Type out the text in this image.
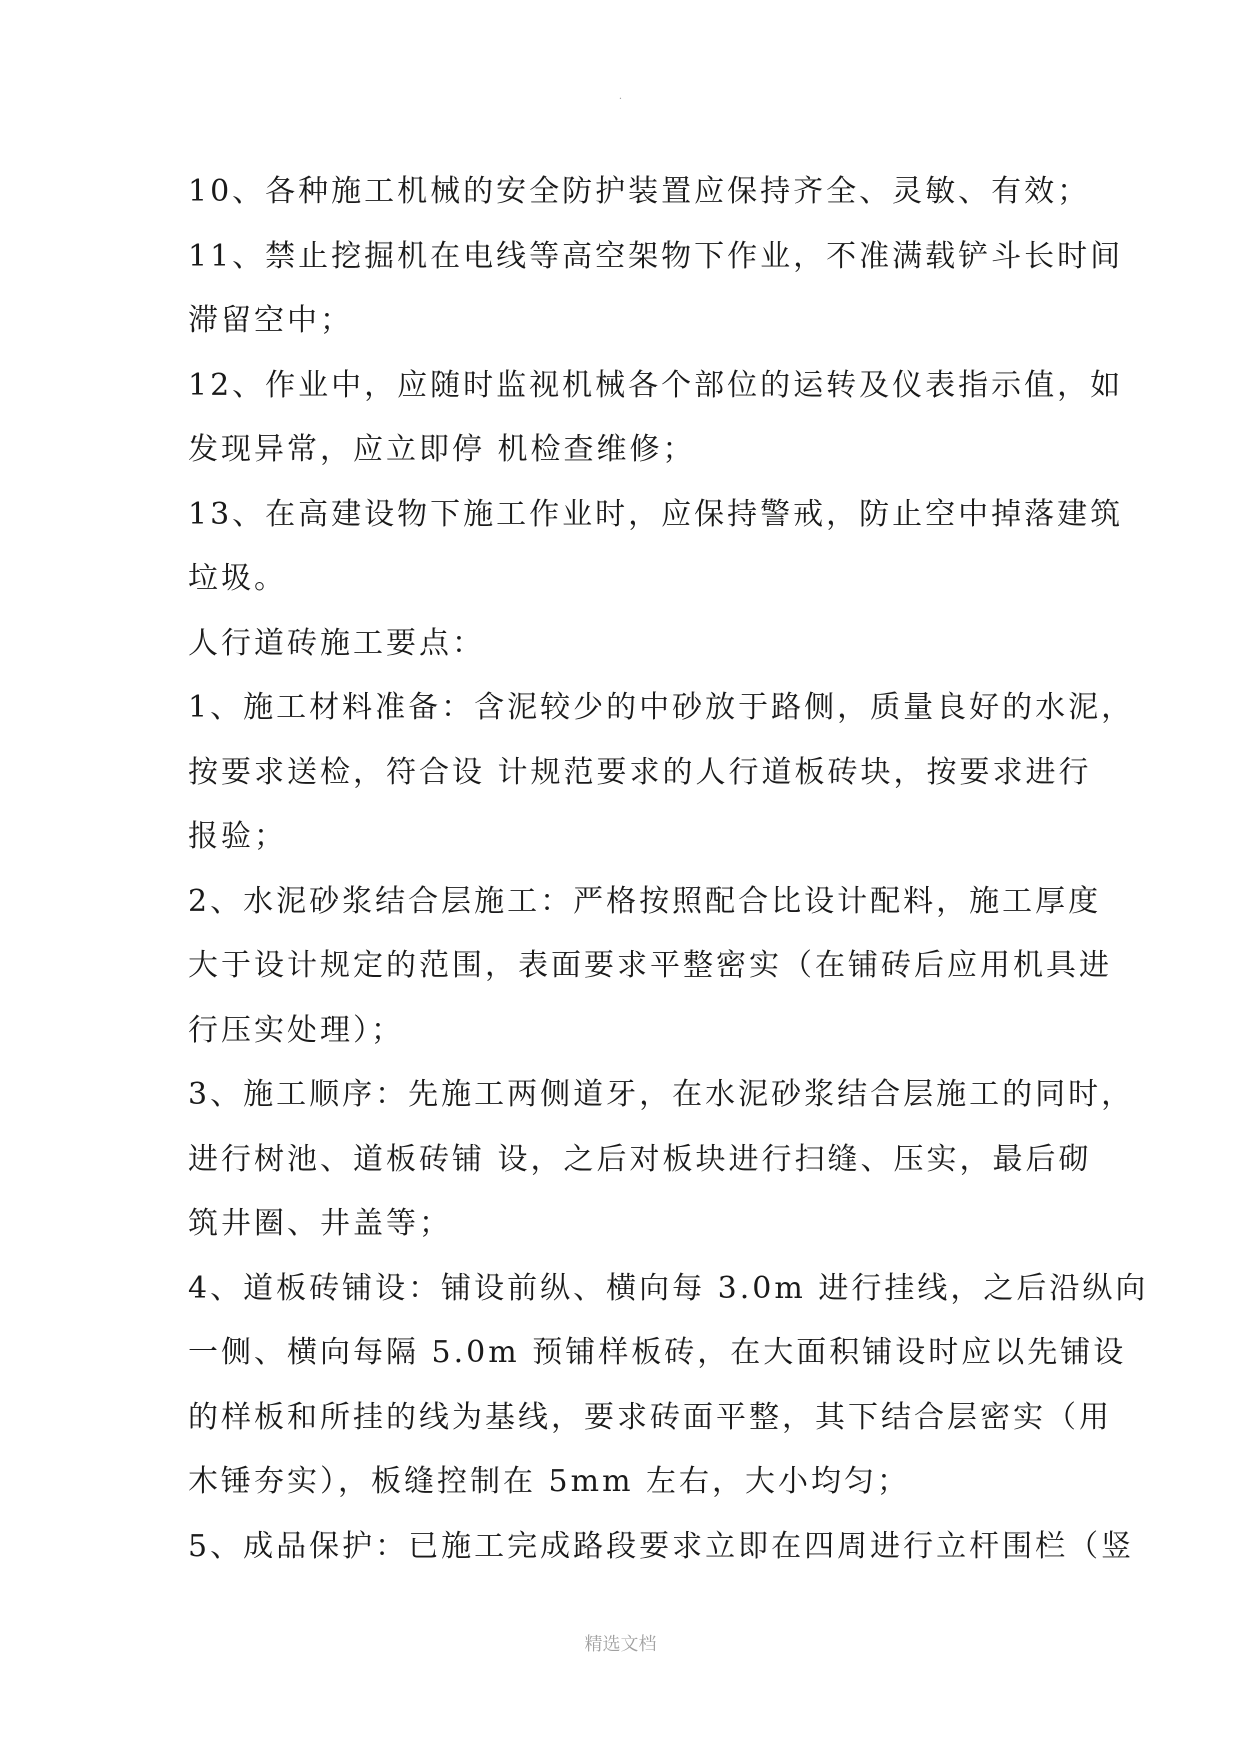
.
10、各种施工机械的安全防护装置应保持齐全、灵敏、有效；
11、禁止挖掘机在电线等高空架物下作业，不准满载铲斗长时间
滞留空中；
12、作业中，应随时监视机械各个部位的运转及仪表指示值，如
发现异常，应立即停 机检查维修；
13、在高建设物下施工作业时，应保持警戒，防止空中掉落建筑
垃圾。
人行道砖施工要点：
1、施工材料准备：含泥较少的中砂放于路侧，质量良好的水泥，
按要求送检，符合设 计规范要求的人行道板砖块，按要求进行
报验；
2、水泥砂浆结合层施工：严格按照配合比设计配料，施工厚度
大于设计规定的范围，表面要求平整密实（在铺砖后应用机具进
行压实处理）；
3、施工顺序：先施工两侧道牙，在水泥砂浆结合层施工的同时，
进行树池、道板砖铺 设，之后对板块进行扫缝、压实，最后砌
筑井圈、井盖等；
4、道板砖铺设：铺设前纵、横向每 3.0m 进行挂线，之后沿纵向
一侧、横向每隔 5.0m 预铺样板砖，在大面积铺设时应以先铺设
的样板和所挂的线为基线，要求砖面平整，其下结合层密实（用
木锤夯实），板缝控制在 5mm 左右，大小均匀；
5、成品保护：已施工完成路段要求立即在四周进行立杆围栏（竖
精选文档
